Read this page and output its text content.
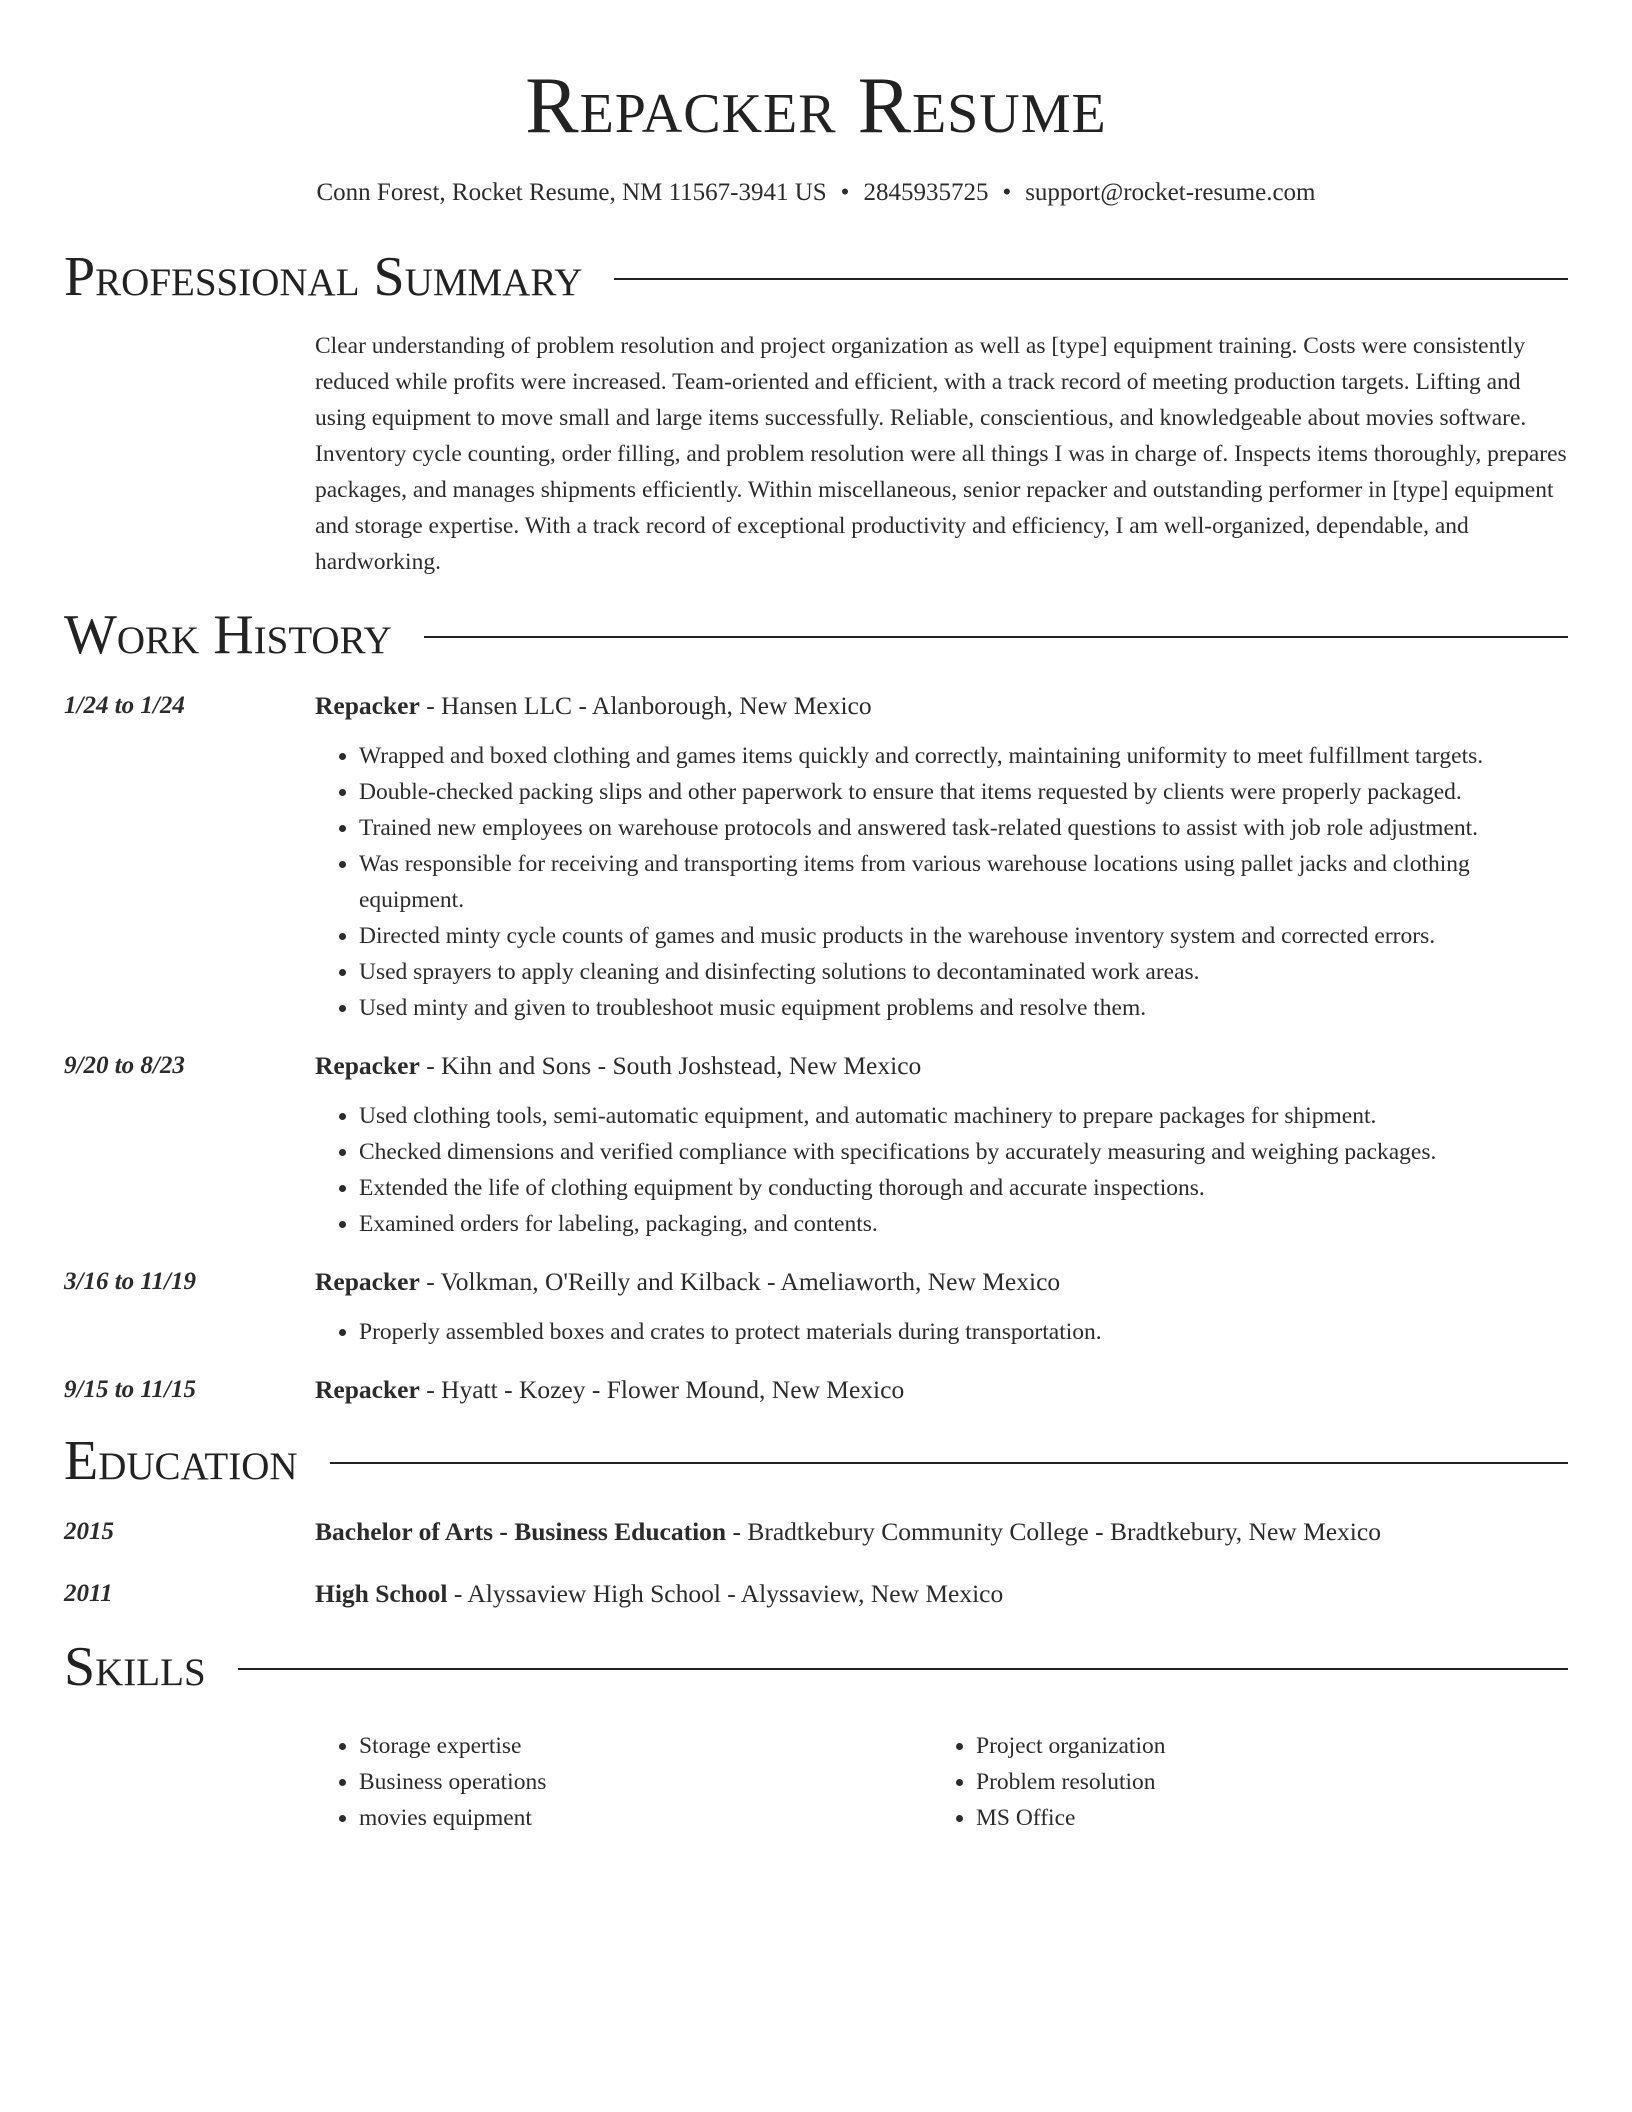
Repacker Resume
Conn Forest, Rocket Resume, NM 11567-3941 US • 2845935725 • support@rocket-resume.com
Professional Summary
Clear understanding of problem resolution and project organization as well as [type] equipment training. Costs were consistently reduced while profits were increased. Team-oriented and efficient, with a track record of meeting production targets. Lifting and using equipment to move small and large items successfully. Reliable, conscientious, and knowledgeable about movies software. Inventory cycle counting, order filling, and problem resolution were all things I was in charge of. Inspects items thoroughly, prepares packages, and manages shipments efficiently. Within miscellaneous, senior repacker and outstanding performer in [type] equipment and storage expertise. With a track record of exceptional productivity and efficiency, I am well-organized, dependable, and hardworking.
Work History
1/24 to 1/24	Repacker - Hansen LLC - Alanborough, New Mexico
• Wrapped and boxed clothing and games items quickly and correctly, maintaining uniformity to meet fulfillment targets.
• Double-checked packing slips and other paperwork to ensure that items requested by clients were properly packaged.
• Trained new employees on warehouse protocols and answered task-related questions to assist with job role adjustment.
• Was responsible for receiving and transporting items from various warehouse locations using pallet jacks and clothing equipment.
• Directed minty cycle counts of games and music products in the warehouse inventory system and corrected errors.
• Used sprayers to apply cleaning and disinfecting solutions to decontaminated work areas.
• Used minty and given to troubleshoot music equipment problems and resolve them.
9/20 to 8/23	Repacker - Kihn and Sons - South Joshstead, New Mexico
• Used clothing tools, semi-automatic equipment, and automatic machinery to prepare packages for shipment.
• Checked dimensions and verified compliance with specifications by accurately measuring and weighing packages.
• Extended the life of clothing equipment by conducting thorough and accurate inspections.
• Examined orders for labeling, packaging, and contents.
3/16 to 11/19	Repacker - Volkman, O'Reilly and Kilback - Ameliaworth, New Mexico
• Properly assembled boxes and crates to protect materials during transportation.
9/15 to 11/15	Repacker - Hyatt - Kozey - Flower Mound, New Mexico
Education
2015	Bachelor of Arts - Business Education - Bradtkebury Community College - Bradtkebury, New Mexico
2011	High School - Alyssaview High School - Alyssaview, New Mexico
Skills
• Storage expertise
• Business operations
• movies equipment
• Project organization
• Problem resolution
• MS Office
